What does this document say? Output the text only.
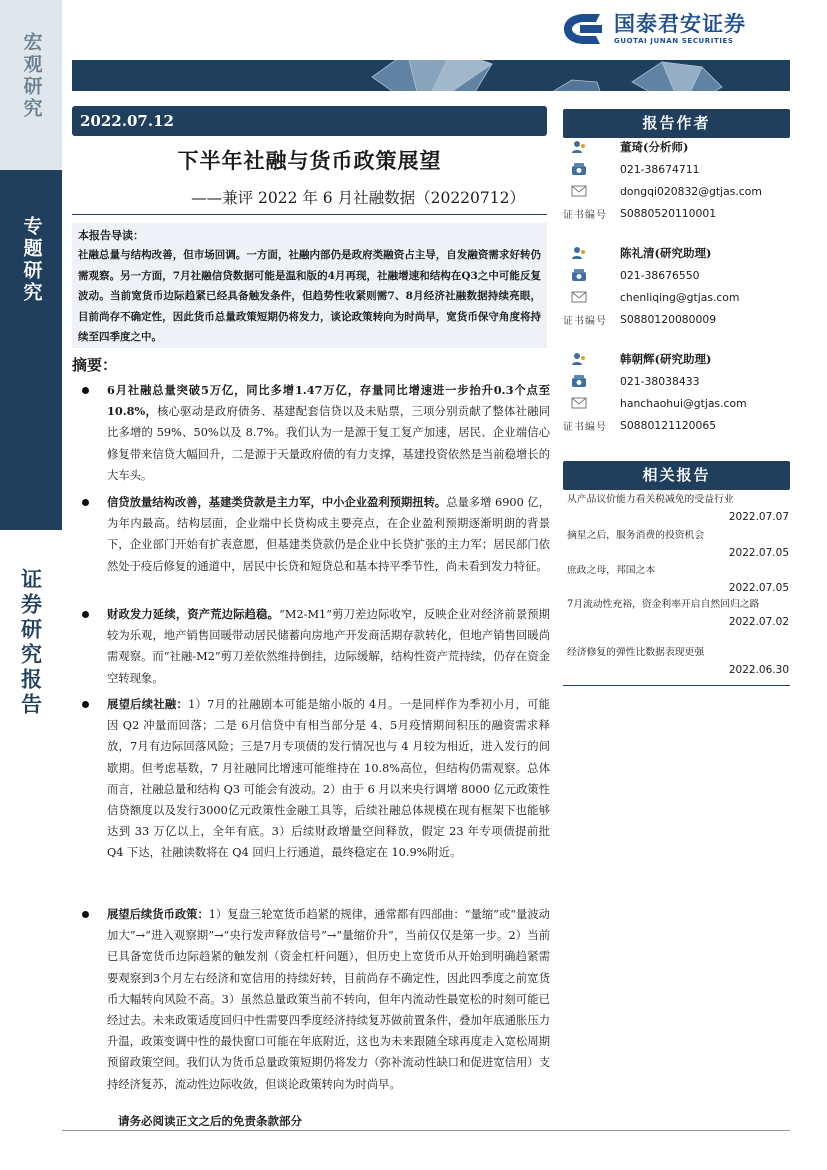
宏观研究
专题研究
证券研究报告
国泰君安证券
GUOTAI JUNAN SECURITIES
2022.07.12
下半年社融与货币政策展望
——兼评 2022 年 6 月社融数据（20220712）
本报告导读：
社融总量与结构改善，但市场回调。一方面，社融内部仍是政府类融资占主导，自发融资需求好转仍需观察。另一方面，7月社融信贷数据可能是温和版的4月再现，社融增速和结构在Q3之中可能反复波动。当前宽货币边际趋紧已经具备触发条件，但趋势性收紧则需7、8月经济社融数据持续亮眼，目前尚存不确定性，因此货币总量政策短期仍将发力，谈论政策转向为时尚早，宽货币保守角度将持续至四季度之中。
摘要：
6月社融总量突破5万亿，同比多增1.47万亿，存量同比增速进一步抬升0.3个点至10.8%，核心驱动是政府债务、基建配套信贷以及未贴票，三项分别贡献了整体社融同比多增的 59%、50%以及 8.7%。我们认为一是源于复工复产加速，居民、企业端信心修复带来信贷大幅回升，二是源于天量政府债的有力支撑，基建投资依然是当前稳增长的大车头。
信贷放量结构改善，基建类贷款是主力军，中小企业盈利预期扭转。总量多增 6900 亿，为年内最高。结构层面，企业端中长贷构成主要亮点，在企业盈利预期逐渐明朗的背景下，企业部门开始有扩表意愿，但基建类贷款仍是企业中长贷扩张的主力军；居民部门依然处于疫后修复的通道中，居民中长贷和短贷总和基本持平季节性，尚未看到发力特征。
财政发力延续，资产荒边际趋稳。“M2-M1”剪刀差边际收窄，反映企业对经济前景预期较为乐观，地产销售回暖带动居民储蓄向房地产开发商活期存款转化，但地产销售回暖尚需观察。而“社融-M2”剪刀差依然维持倒挂，边际缓解，结构性资产荒持续，仍存在资金空转现象。
展望后续社融：1）7月的社融剧本可能是缩小版的 4月。一是同样作为季初小月，可能因 Q2 冲量而回落；二是 6月信贷中有相当部分是 4、5月疫情期间积压的融资需求释放，7月有边际回落风险；三是7月专项债的发行情况也与 4 月较为相近，进入发行的间歇期。但考虑基数，7 月社融同比增速可能维持在 10.8%高位，但结构仍需观察。总体而言，社融总量和结构 Q3 可能会有波动。2）由于 6 月以来央行调增 8000 亿元政策性信贷额度以及发行3000亿元政策性金融工具等，后续社融总体规模在现有框架下也能够达到 33 万亿以上，全年有底。3）后续财政增量空间释放，假定 23 年专项债提前批 Q4 下达，社融读数将在 Q4 回归上行通道，最终稳定在 10.9%附近。
展望后续货币政策：1）复盘三轮宽货币趋紧的规律，通常都有四部曲：“量缩”或“量波动加大”→“进入观察期”→“央行发声释放信号”→“量缩价升”，当前仅仅是第一步。2）当前已具备宽货币边际趋紧的触发剂（资金杠杆问题），但历史上宽货币从开始到明确趋紧需要观察到3个月左右经济和宽信用的持续好转，目前尚存不确定性，因此四季度之前宽货币大幅转向风险不高。3）虽然总量政策当前不转向，但年内流动性最宽松的时刻可能已经过去。未来政策适度回归中性需要四季度经济持续复苏做前置条件，叠加年底通胀压力升温，政策变调中性的最快窗口可能在年底附近，这也为未来跟随全球再度走入宽松周期预留政策空间。我们认为货币总量政策短期仍将发力（弥补流动性缺口和促进宽信用）支持经济复苏，流动性边际收敛，但谈论政策转向为时尚早。
请务必阅读正文之后的免责条款部分
报告作者
董琦(分析师)
021-38674711
dongqi020832@gtjas.com
证书编号 S0880520110001
陈礼清(研究助理)
021-38676550
chenliqing@gtjas.com
证书编号 S0880120080009
韩朝辉(研究助理)
021-38038433
hanchaohui@gtjas.com
证书编号 S0880121120065
相关报告
从产品议价能力看关税减免的受益行业
2022.07.07
摘星之后，服务消费的投资机会
2022.07.05
庶政之母，邦国之本
2022.07.05
7月流动性充裕，资金利率开启自然回归之路
2022.07.02
经济修复的弹性比数据表现更强
2022.06.30
